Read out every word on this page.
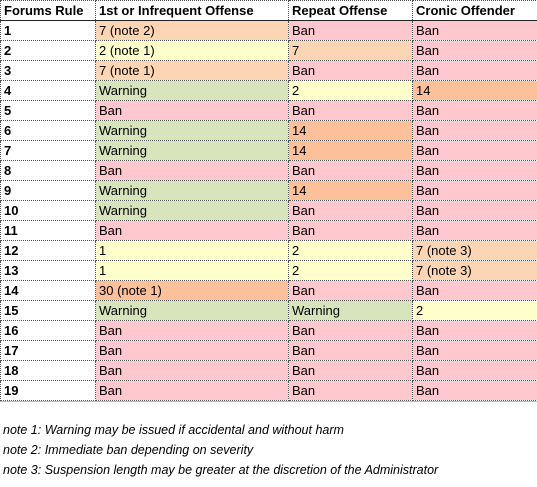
Forums Rule	1st or Infrequent Offense	Repeat Offense	Cronic Offender
1	7 (note 2)	Ban	Ban
2	2 (note 1)	7	Ban
3	7 (note 1)	Ban	Ban
4	Warning	2	14
5	Ban	Ban	Ban
6	Warning	14	Ban
7	Warning	14	Ban
8	Ban	Ban	Ban
9	Warning	14	Ban
10	Warning	Ban	Ban
11	Ban	Ban	Ban
12	1	2	7 (note 3)
13	1	2	7 (note 3)
14	30 (note 1)	Ban	Ban
15	Warning	Warning	2
16	Ban	Ban	Ban
17	Ban	Ban	Ban
18	Ban	Ban	Ban
19	Ban	Ban	Ban
note 1: Warning may be issued if accidental and without harm
note 2: Immediate ban depending on severity
note 3: Suspension length may be greater at the discretion of the Administrator
